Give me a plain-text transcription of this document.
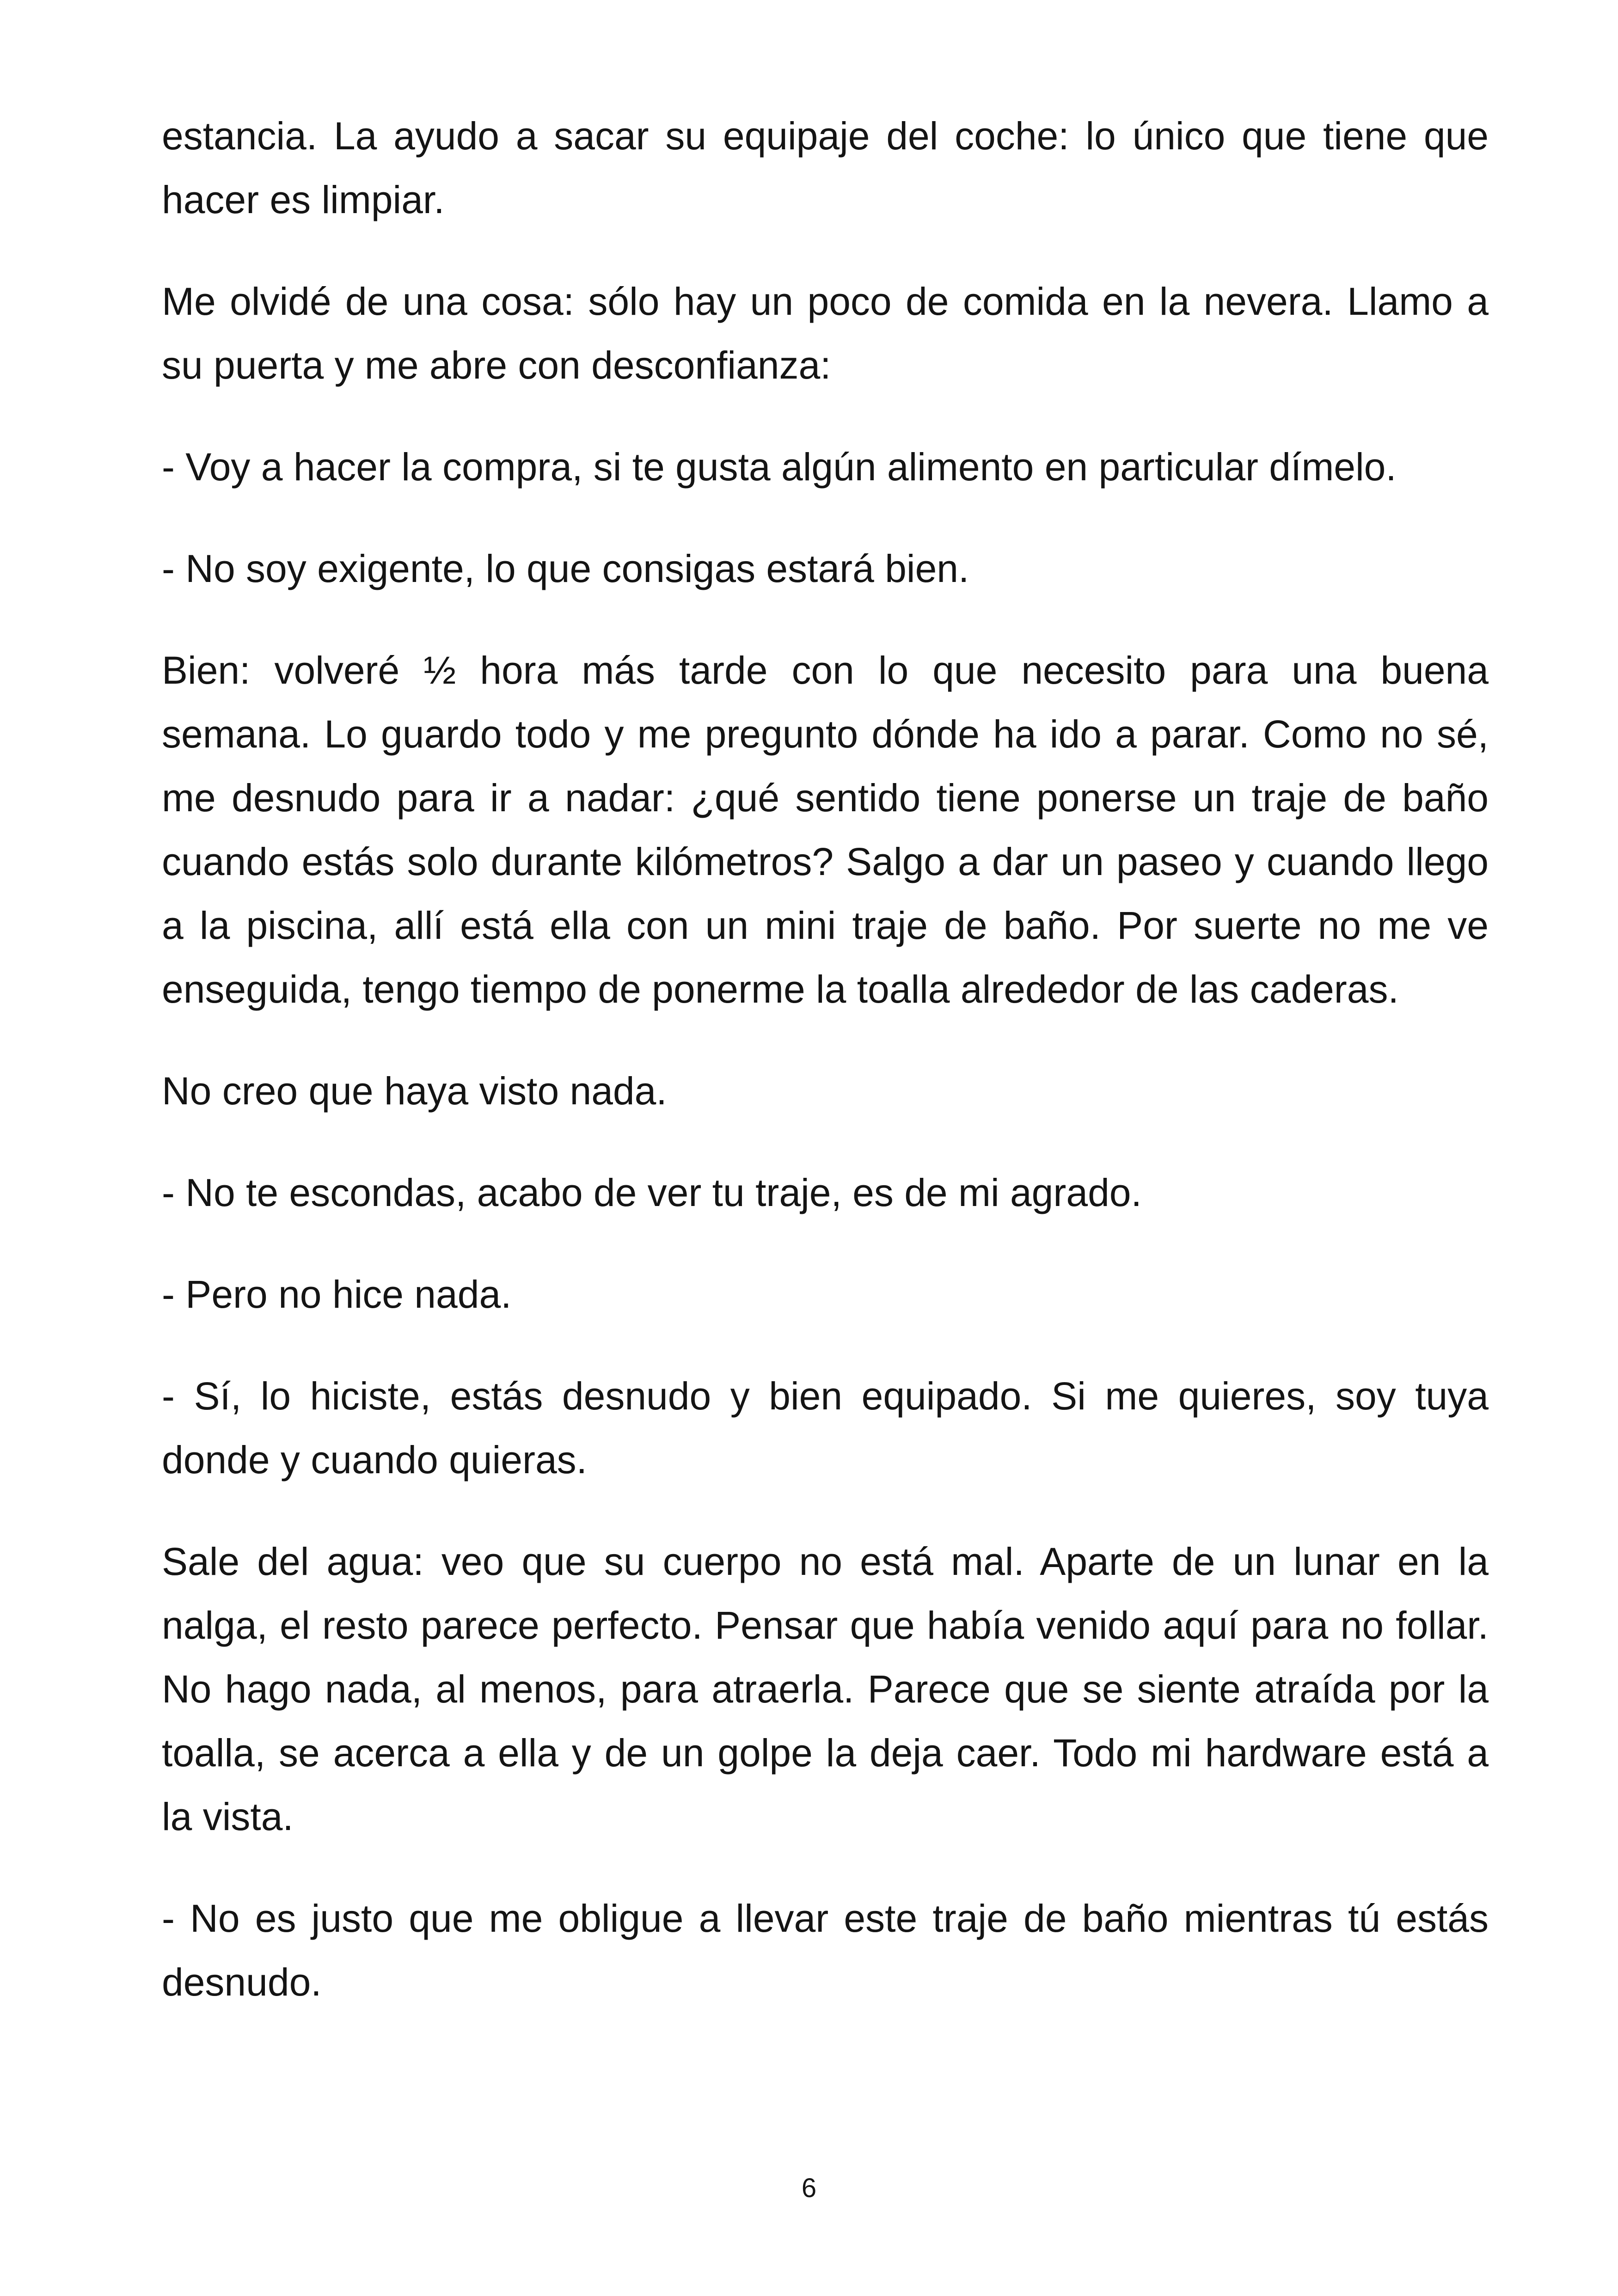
estancia. La ayudo a sacar su equipaje del coche: lo único que tiene que hacer es limpiar.

Me olvidé de una cosa: sólo hay un poco de comida en la nevera. Llamo a su puerta y me abre con desconfianza:

- Voy a hacer la compra, si te gusta algún alimento en particular dímelo.

- No soy exigente, lo que consigas estará bien.

Bien: volveré ½ hora más tarde con lo que necesito para una buena semana. Lo guardo todo y me pregunto dónde ha ido a parar. Como no sé, me desnudo para ir a nadar: ¿qué sentido tiene ponerse un traje de baño cuando estás solo durante kilómetros? Salgo a dar un paseo y cuando llego a la piscina, allí está ella con un mini traje de baño. Por suerte no me ve enseguida, tengo tiempo de ponerme la toalla alrededor de las caderas.

No creo que haya visto nada.

- No te escondas, acabo de ver tu traje, es de mi agrado.

- Pero no hice nada.

- Sí, lo hiciste, estás desnudo y bien equipado. Si me quieres, soy tuya donde y cuando quieras.

Sale del agua: veo que su cuerpo no está mal. Aparte de un lunar en la nalga, el resto parece perfecto. Pensar que había venido aquí para no follar. No hago nada, al menos, para atraerla. Parece que se siente atraída por la toalla, se acerca a ella y de un golpe la deja caer. Todo mi hardware está a la vista.

- No es justo que me obligue a llevar este traje de baño mientras tú estás desnudo.

6
